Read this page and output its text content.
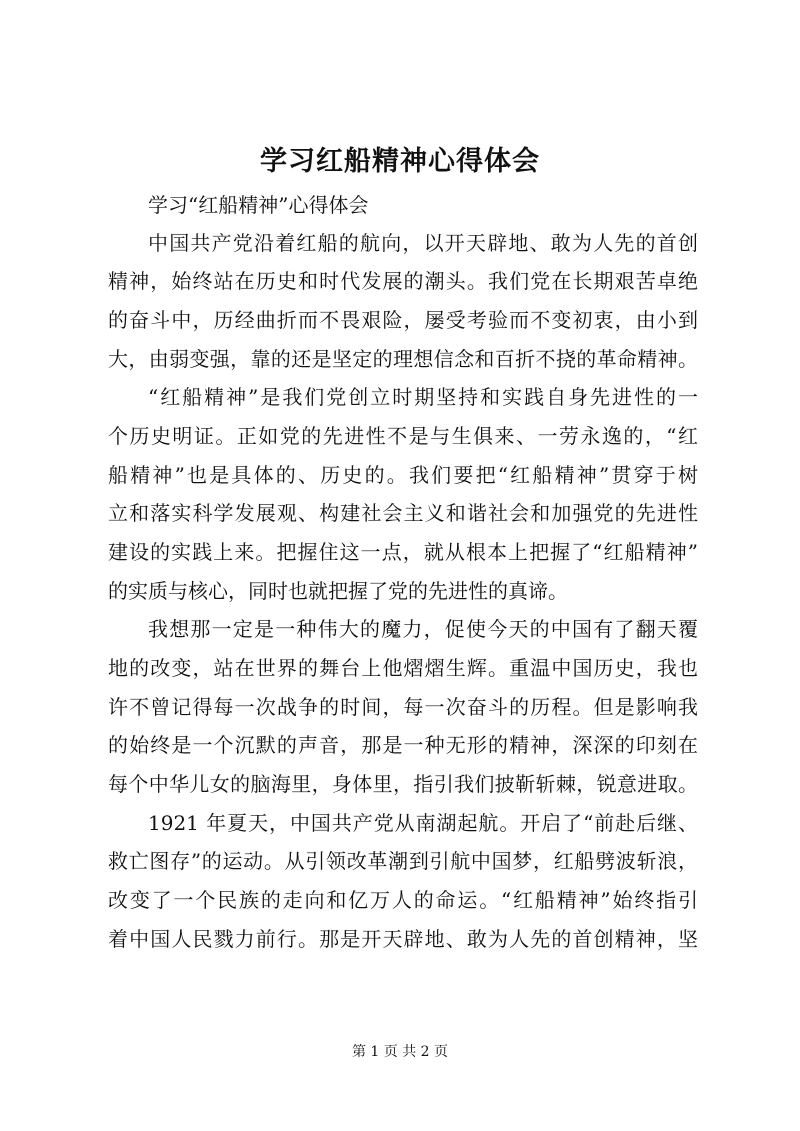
学习红船精神心得体会
学习“红船精神”心得体会
中国共产党沿着红船的航向，以开天辟地、敢为人先的首创
精神，始终站在历史和时代发展的潮头。我们党在长期艰苦卓绝
的奋斗中，历经曲折而不畏艰险，屡受考验而不变初衷，由小到
大，由弱变强，靠的还是坚定的理想信念和百折不挠的革命精神。
“红船精神”是我们党创立时期坚持和实践自身先进性的一
个历史明证。正如党的先进性不是与生俱来、一劳永逸的，“红
船精神”也是具体的、历史的。我们要把“红船精神”贯穿于树
立和落实科学发展观、构建社会主义和谐社会和加强党的先进性
建设的实践上来。把握住这一点，就从根本上把握了“红船精神”
的实质与核心，同时也就把握了党的先进性的真谛。
我想那一定是一种伟大的魔力，促使今天的中国有了翻天覆
地的改变，站在世界的舞台上他熠熠生辉。重温中国历史，我也
许不曾记得每一次战争的时间，每一次奋斗的历程。但是影响我
的始终是一个沉默的声音，那是一种无形的精神，深深的印刻在
每个中华儿女的脑海里，身体里，指引我们披靳斩棘，锐意进取。
1921 年夏天，中国共产党从南湖起航。开启了“前赴后继、
救亡图存”的运动。从引领改革潮到引航中国梦，红船劈波斩浪，
改变了一个民族的走向和亿万人的命运。“红船精神”始终指引
着中国人民戮力前行。那是开天辟地、敢为人先的首创精神，坚
第 1 页 共 2 页
